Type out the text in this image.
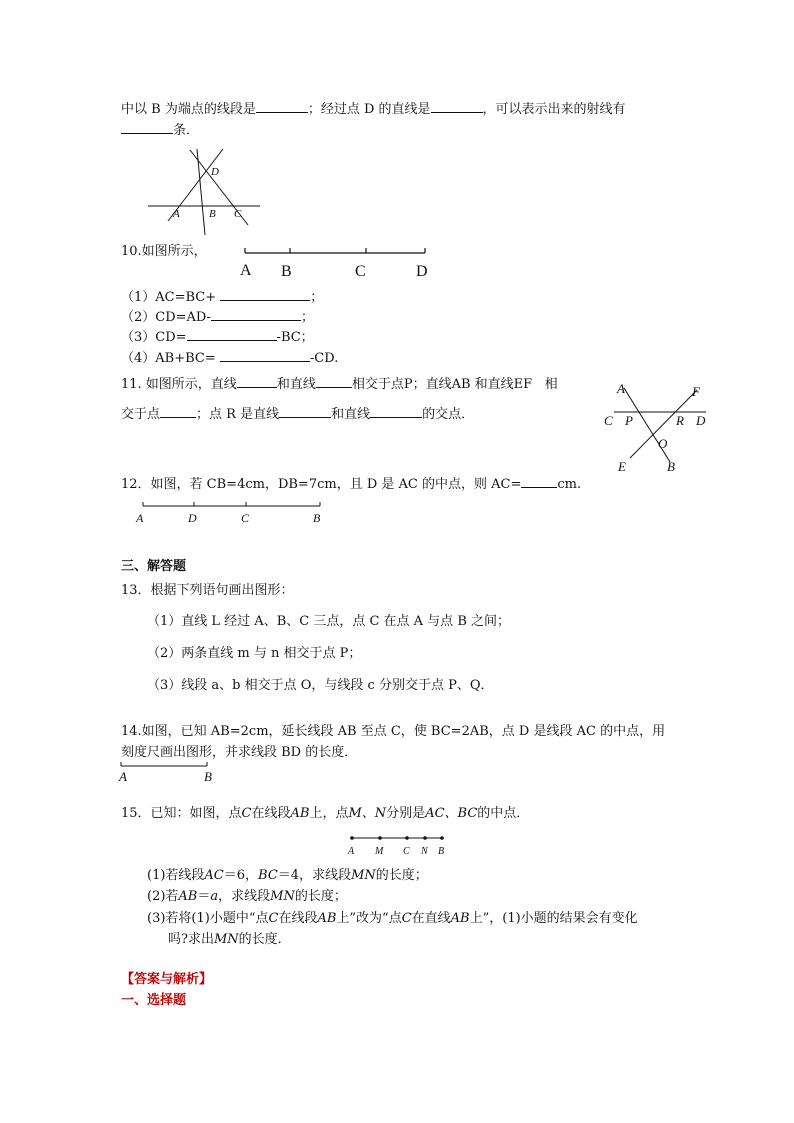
中以 B 为端点的线段是	；经过点 D 的直线是	，可以表示出来的射线有
条．
D
A	B C
10.如图所示，
A B	C	D
（1）AC=BC+	；
（2）CD=AD-	；
（3）CD=	-BC；
（4）AB+BC=	-CD.
11. 如图所示，直线	和直线	相交于点P；直线AB 和直线EF 相
交于点	；点 R 是直线	和直线	的交点．
A	F
C P	R D
O
E	B
12．如图，若 CB=4cm，DB=7cm，且 D 是 AC 的中点，则 AC=	cm.
A	D	C	B
三、解答题
13．根据下列语句画出图形：
（1）直线 L 经过 A、B、C 三点，点 C 在点 A 与点 B 之间；
（2）两条直线 m 与 n 相交于点 P；
（3）线段 a、b 相交于点 O，与线段 c 分别交于点 P、Q．
14.如图，已知 AB=2cm，延长线段 AB 至点 C，使 BC=2AB，点 D 是线段 AC 的中点，用
刻度尺画出图形，并求线段 BD 的长度．
A	B
15．已知：如图，点C在线段AB上，点M、N分别是AC、BC的中点．
A M C N B
(1)若线段AC＝6，BC＝4，求线段MN的长度；
(2)若AB＝a，求线段MN的长度；
(3)若将(1)小题中“点C在线段AB上”改为“点C在直线AB上”，(1)小题的结果会有变化
吗?求出MN的长度．
【答案与解析】
一、选择题
